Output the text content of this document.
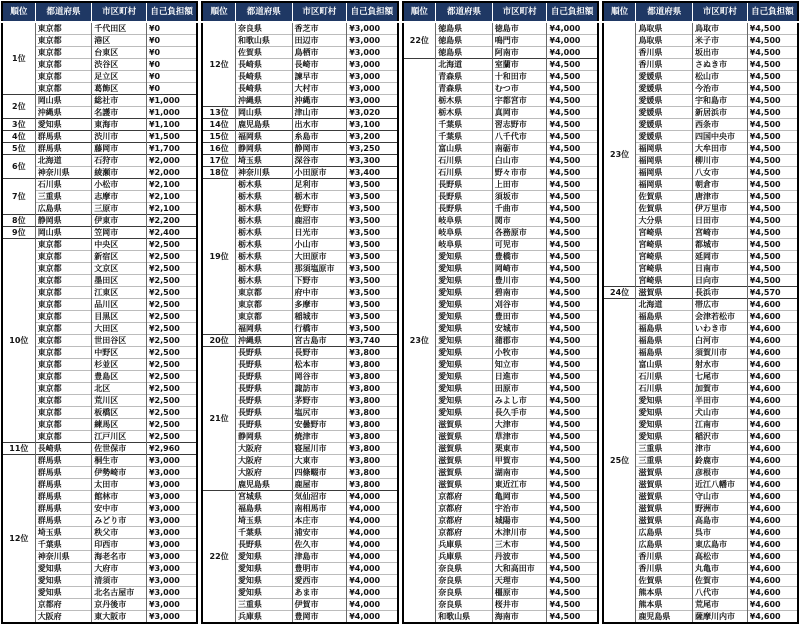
順位	都道府県	市区町村	自己負担額
1位	東京都	千代田区	¥0
	東京都	港区	¥0
	東京都	台東区	¥0
	東京都	渋谷区	¥0
	東京都	足立区	¥0
	東京都	葛飾区	¥0
2位	岡山県	総社市	¥1,000
	沖縄県	名護市	¥1,000
3位	愛知県	東海市	¥1,100
4位	群馬県	渋川市	¥1,500
5位	群馬県	藤岡市	¥1,700
6位	北海道	石狩市	¥2,000
	神奈川県	綾瀬市	¥2,000
7位	石川県	小松市	¥2,100
	三重県	志摩市	¥2,100
	広島県	三原市	¥2,100
8位	静岡県	伊東市	¥2,200
9位	岡山県	笠岡市	¥2,400
10位	東京都	中央区	¥2,500
	東京都	新宿区	¥2,500
	東京都	文京区	¥2,500
	東京都	墨田区	¥2,500
	東京都	江東区	¥2,500
	東京都	品川区	¥2,500
	東京都	目黒区	¥2,500
	東京都	大田区	¥2,500
	東京都	世田谷区	¥2,500
	東京都	中野区	¥2,500
	東京都	杉並区	¥2,500
	東京都	豊島区	¥2,500
	東京都	北区	¥2,500
	東京都	荒川区	¥2,500
	東京都	板橋区	¥2,500
	東京都	練馬区	¥2,500
	東京都	江戸川区	¥2,500
11位	長崎県	佐世保市	¥2,960
12位	群馬県	桐生市	¥3,000
	群馬県	伊勢崎市	¥3,000
	群馬県	太田市	¥3,000
	群馬県	館林市	¥3,000
	群馬県	安中市	¥3,000
	群馬県	みどり市	¥3,000
	埼玉県	秩父市	¥3,000
	千葉県	印西市	¥3,000
	神奈川県	海老名市	¥3,000
	愛知県	大府市	¥3,000
	愛知県	清須市	¥3,000
	愛知県	北名古屋市	¥3,000
	京都府	京丹後市	¥3,000
	大阪府	東大阪市	¥3,000
順位	都道府県	市区町村	自己負担額
12位	奈良県	香芝市	¥3,000
	和歌山県	田辺市	¥3,000
	佐賀県	鳥栖市	¥3,000
	長崎県	長崎市	¥3,000
	長崎県	諫早市	¥3,000
	長崎県	大村市	¥3,000
	沖縄県	沖縄市	¥3,000
13位	岡山県	津山市	¥3,020
14位	鹿児島県	出水市	¥3,100
15位	福岡県	糸島市	¥3,200
16位	静岡県	静岡市	¥3,250
17位	埼玉県	深谷市	¥3,300
18位	神奈川県	小田原市	¥3,400
19位	栃木県	足利市	¥3,500
	栃木県	栃木市	¥3,500
	栃木県	佐野市	¥3,500
	栃木県	鹿沼市	¥3,500
	栃木県	日光市	¥3,500
	栃木県	小山市	¥3,500
	栃木県	大田原市	¥3,500
	栃木県	那須塩原市	¥3,500
	栃木県	下野市	¥3,500
	東京都	府中市	¥3,500
	東京都	多摩市	¥3,500
	東京都	稲城市	¥3,500
	福岡県	行橋市	¥3,500
20位	沖縄県	宮古島市	¥3,740
21位	長野県	長野市	¥3,800
	長野県	松本市	¥3,800
	長野県	岡谷市	¥3,800
	長野県	諏訪市	¥3,800
	長野県	茅野市	¥3,800
	長野県	塩尻市	¥3,800
	長野県	安曇野市	¥3,800
	静岡県	焼津市	¥3,800
	大阪府	寝屋川市	¥3,800
	大阪府	大東市	¥3,800
	大阪府	四條畷市	¥3,800
	鹿児島県	鹿屋市	¥3,800
22位	宮城県	気仙沼市	¥4,000
	福島県	南相馬市	¥4,000
	埼玉県	本庄市	¥4,000
	千葉県	浦安市	¥4,000
	長野県	佐久市	¥4,000
	愛知県	津島市	¥4,000
	愛知県	豊明市	¥4,000
	愛知県	愛西市	¥4,000
	愛知県	あま市	¥4,000
	三重県	伊賀市	¥4,000
	兵庫県	豊岡市	¥4,000
順位	都道府県	市区町村	自己負担額
22位	徳島県	徳島市	¥4,000
	徳島県	鳴門市	¥4,000
	徳島県	阿南市	¥4,000
23位	北海道	室蘭市	¥4,500
	青森県	十和田市	¥4,500
	青森県	むつ市	¥4,500
	栃木県	宇都宮市	¥4,500
	栃木県	真岡市	¥4,500
	千葉県	習志野市	¥4,500
	千葉県	八千代市	¥4,500
	富山県	南砺市	¥4,500
	石川県	白山市	¥4,500
	石川県	野々市市	¥4,500
	長野県	上田市	¥4,500
	長野県	須坂市	¥4,500
	長野県	千曲市	¥4,500
	岐阜県	関市	¥4,500
	岐阜県	各務原市	¥4,500
	岐阜県	可児市	¥4,500
	愛知県	豊橋市	¥4,500
	愛知県	岡崎市	¥4,500
	愛知県	豊川市	¥4,500
	愛知県	碧南市	¥4,500
	愛知県	刈谷市	¥4,500
	愛知県	豊田市	¥4,500
	愛知県	安城市	¥4,500
	愛知県	蒲郡市	¥4,500
	愛知県	小牧市	¥4,500
	愛知県	知立市	¥4,500
	愛知県	日進市	¥4,500
	愛知県	田原市	¥4,500
	愛知県	みよし市	¥4,500
	愛知県	長久手市	¥4,500
	滋賀県	大津市	¥4,500
	滋賀県	草津市	¥4,500
	滋賀県	栗東市	¥4,500
	滋賀県	甲賀市	¥4,500
	滋賀県	湖南市	¥4,500
	滋賀県	東近江市	¥4,500
	京都府	亀岡市	¥4,500
	京都府	宇治市	¥4,500
	京都府	城陽市	¥4,500
	京都府	木津川市	¥4,500
	兵庫県	三木市	¥4,500
	兵庫県	丹波市	¥4,500
	奈良県	大和高田市	¥4,500
	奈良県	天理市	¥4,500
	奈良県	橿原市	¥4,500
	奈良県	桜井市	¥4,500
	和歌山県	海南市	¥4,500
順位	都道府県	市区町村	自己負担額
23位	鳥取県	鳥取市	¥4,500
	鳥取県	米子市	¥4,500
	香川県	坂出市	¥4,500
	香川県	さぬき市	¥4,500
	愛媛県	松山市	¥4,500
	愛媛県	今治市	¥4,500
	愛媛県	宇和島市	¥4,500
	愛媛県	新居浜市	¥4,500
	愛媛県	西条市	¥4,500
	愛媛県	四国中央市	¥4,500
	福岡県	大牟田市	¥4,500
	福岡県	柳川市	¥4,500
	福岡県	八女市	¥4,500
	福岡県	朝倉市	¥4,500
	佐賀県	唐津市	¥4,500
	佐賀県	伊万里市	¥4,500
	大分県	日田市	¥4,500
	宮崎県	宮崎市	¥4,500
	宮崎県	都城市	¥4,500
	宮崎県	延岡市	¥4,500
	宮崎県	日南市	¥4,500
	宮崎県	日向市	¥4,500
24位	滋賀県	長浜市	¥4,570
25位	北海道	帯広市	¥4,600
	福島県	会津若松市	¥4,600
	福島県	いわき市	¥4,600
	福島県	白河市	¥4,600
	福島県	須賀川市	¥4,600
	富山県	射水市	¥4,600
	石川県	七尾市	¥4,600
	石川県	加賀市	¥4,600
	愛知県	半田市	¥4,600
	愛知県	犬山市	¥4,600
	愛知県	江南市	¥4,600
	愛知県	稲沢市	¥4,600
	三重県	津市	¥4,600
	三重県	鈴鹿市	¥4,600
	滋賀県	彦根市	¥4,600
	滋賀県	近江八幡市	¥4,600
	滋賀県	守山市	¥4,600
	滋賀県	野洲市	¥4,600
	滋賀県	高島市	¥4,600
	広島県	呉市	¥4,600
	広島県	東広島市	¥4,600
	香川県	高松市	¥4,600
	香川県	丸亀市	¥4,600
	佐賀県	佐賀市	¥4,600
	熊本県	八代市	¥4,600
	熊本県	荒尾市	¥4,600
	鹿児島県	薩摩川内市	¥4,600
